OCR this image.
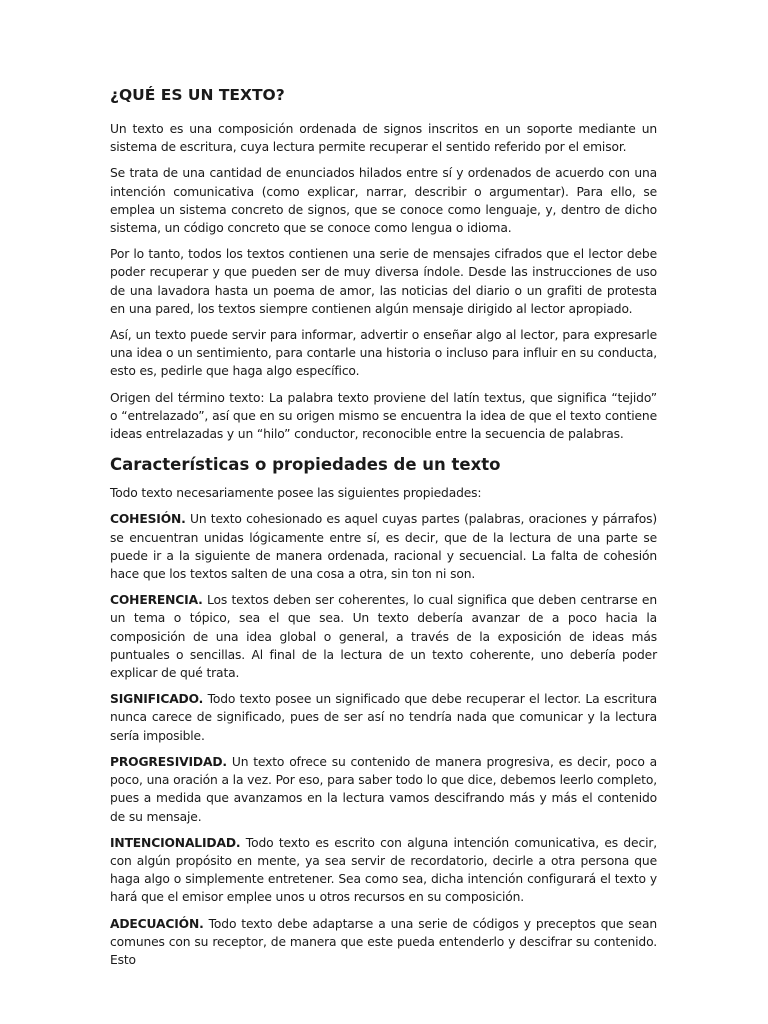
¿QUÉ ES UN TEXTO?

Un texto es una composición ordenada de signos inscritos en un soporte mediante un sistema de escritura, cuya lectura permite recuperar el sentido referido por el emisor.

Se trata de una cantidad de enunciados hilados entre sí y ordenados de acuerdo con una intención comunicativa (como explicar, narrar, describir o argumentar). Para ello, se emplea un sistema concreto de signos, que se conoce como lenguaje, y, dentro de dicho sistema, un código concreto que se conoce como lengua o idioma.

Por lo tanto, todos los textos contienen una serie de mensajes cifrados que el lector debe poder recuperar y que pueden ser de muy diversa índole. Desde las instrucciones de uso de una lavadora hasta un poema de amor, las noticias del diario o un grafiti de protesta en una pared, los textos siempre contienen algún mensaje dirigido al lector apropiado.

Así, un texto puede servir para informar, advertir o enseñar algo al lector, para expresarle una idea o un sentimiento, para contarle una historia o incluso para influir en su conducta, esto es, pedirle que haga algo específico.

Origen del término texto: La palabra texto proviene del latín textus, que significa “tejido” o “entrelazado”, así que en su origen mismo se encuentra la idea de que el texto contiene ideas entrelazadas y un “hilo” conductor, reconocible entre la secuencia de palabras.

Características o propiedades de un texto

Todo texto necesariamente posee las siguientes propiedades:

COHESIÓN. Un texto cohesionado es aquel cuyas partes (palabras, oraciones y párrafos) se encuentran unidas lógicamente entre sí, es decir, que de la lectura de una parte se puede ir a la siguiente de manera ordenada, racional y secuencial. La falta de cohesión hace que los textos salten de una cosa a otra, sin ton ni son.

COHERENCIA. Los textos deben ser coherentes, lo cual significa que deben centrarse en un tema o tópico, sea el que sea. Un texto debería avanzar de a poco hacia la composición de una idea global o general, a través de la exposición de ideas más puntuales o sencillas. Al final de la lectura de un texto coherente, uno debería poder explicar de qué trata.

SIGNIFICADO. Todo texto posee un significado que debe recuperar el lector. La escritura nunca carece de significado, pues de ser así no tendría nada que comunicar y la lectura sería imposible.

PROGRESIVIDAD. Un texto ofrece su contenido de manera progresiva, es decir, poco a poco, una oración a la vez. Por eso, para saber todo lo que dice, debemos leerlo completo, pues a medida que avanzamos en la lectura vamos descifrando más y más el contenido de su mensaje.

INTENCIONALIDAD. Todo texto es escrito con alguna intención comunicativa, es decir, con algún propósito en mente, ya sea servir de recordatorio, decirle a otra persona que haga algo o simplemente entretener. Sea como sea, dicha intención configurará el texto y hará que el emisor emplee unos u otros recursos en su composición.

ADECUACIÓN. Todo texto debe adaptarse a una serie de códigos y preceptos que sean comunes con su receptor, de manera que este pueda entenderlo y descifrar su contenido. Esto
